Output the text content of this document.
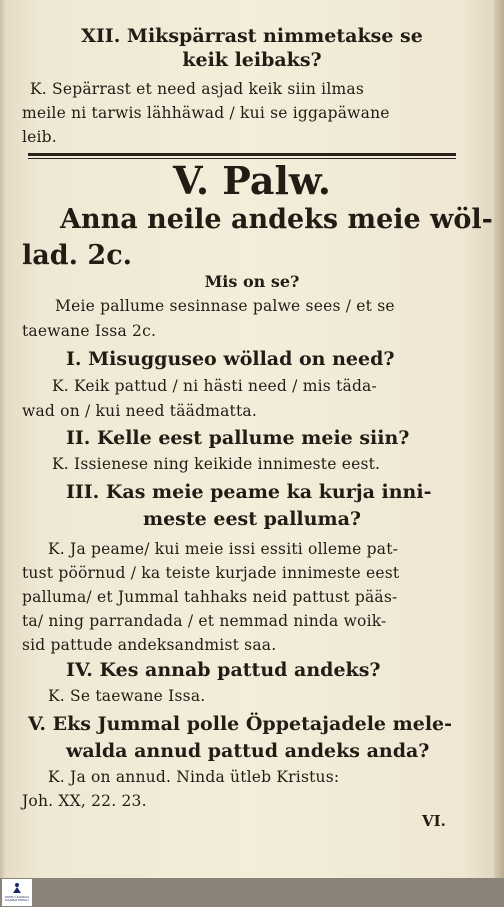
XII. Mikspärrast nimmetakse se
keik leibaks?
K. Sepärrast et need asjad keik siin ilmas
meile ni tarwis lähhäwad / kui se iggapäwane
leib.
V. Palw.
Anna neile andeks meie wöl-
lad. 2c.
Mis on se?
Meie pallume sesinnase palwe sees / et se
taewane Issa 2c.
I. Misugguseo wöllad on need?
K. Keik pattud / ni hästi need / mis täda-
wad on / kui need täädmatta.
II. Kelle eest pallume meie siin?
K. Issienese ning keikide innimeste eest.
III. Kas meie peame ka kurja inni-
meste eest palluma?
K. Ja peame/ kui meie issi essiti olleme pat-
tust pöörnud / ka teiste kurjade innimeste eest
palluma/ et Jummal tahhaks neid pattust pääs-
ta/ ning parrandada / et nemmad ninda woik-
sid pattude andeksandmist saa.
IV. Kes annab pattud andeks?
K. Se taewane Issa.
V. Eks Jummal polle Öppetajadele mele-
walda annud pattud andeks anda?
K. Ja on annud. Ninda ütleb Kristus:
Joh. XX, 22. 23.
VI.
TARTU ÜLIKOOLI RAAMATUKOGU
